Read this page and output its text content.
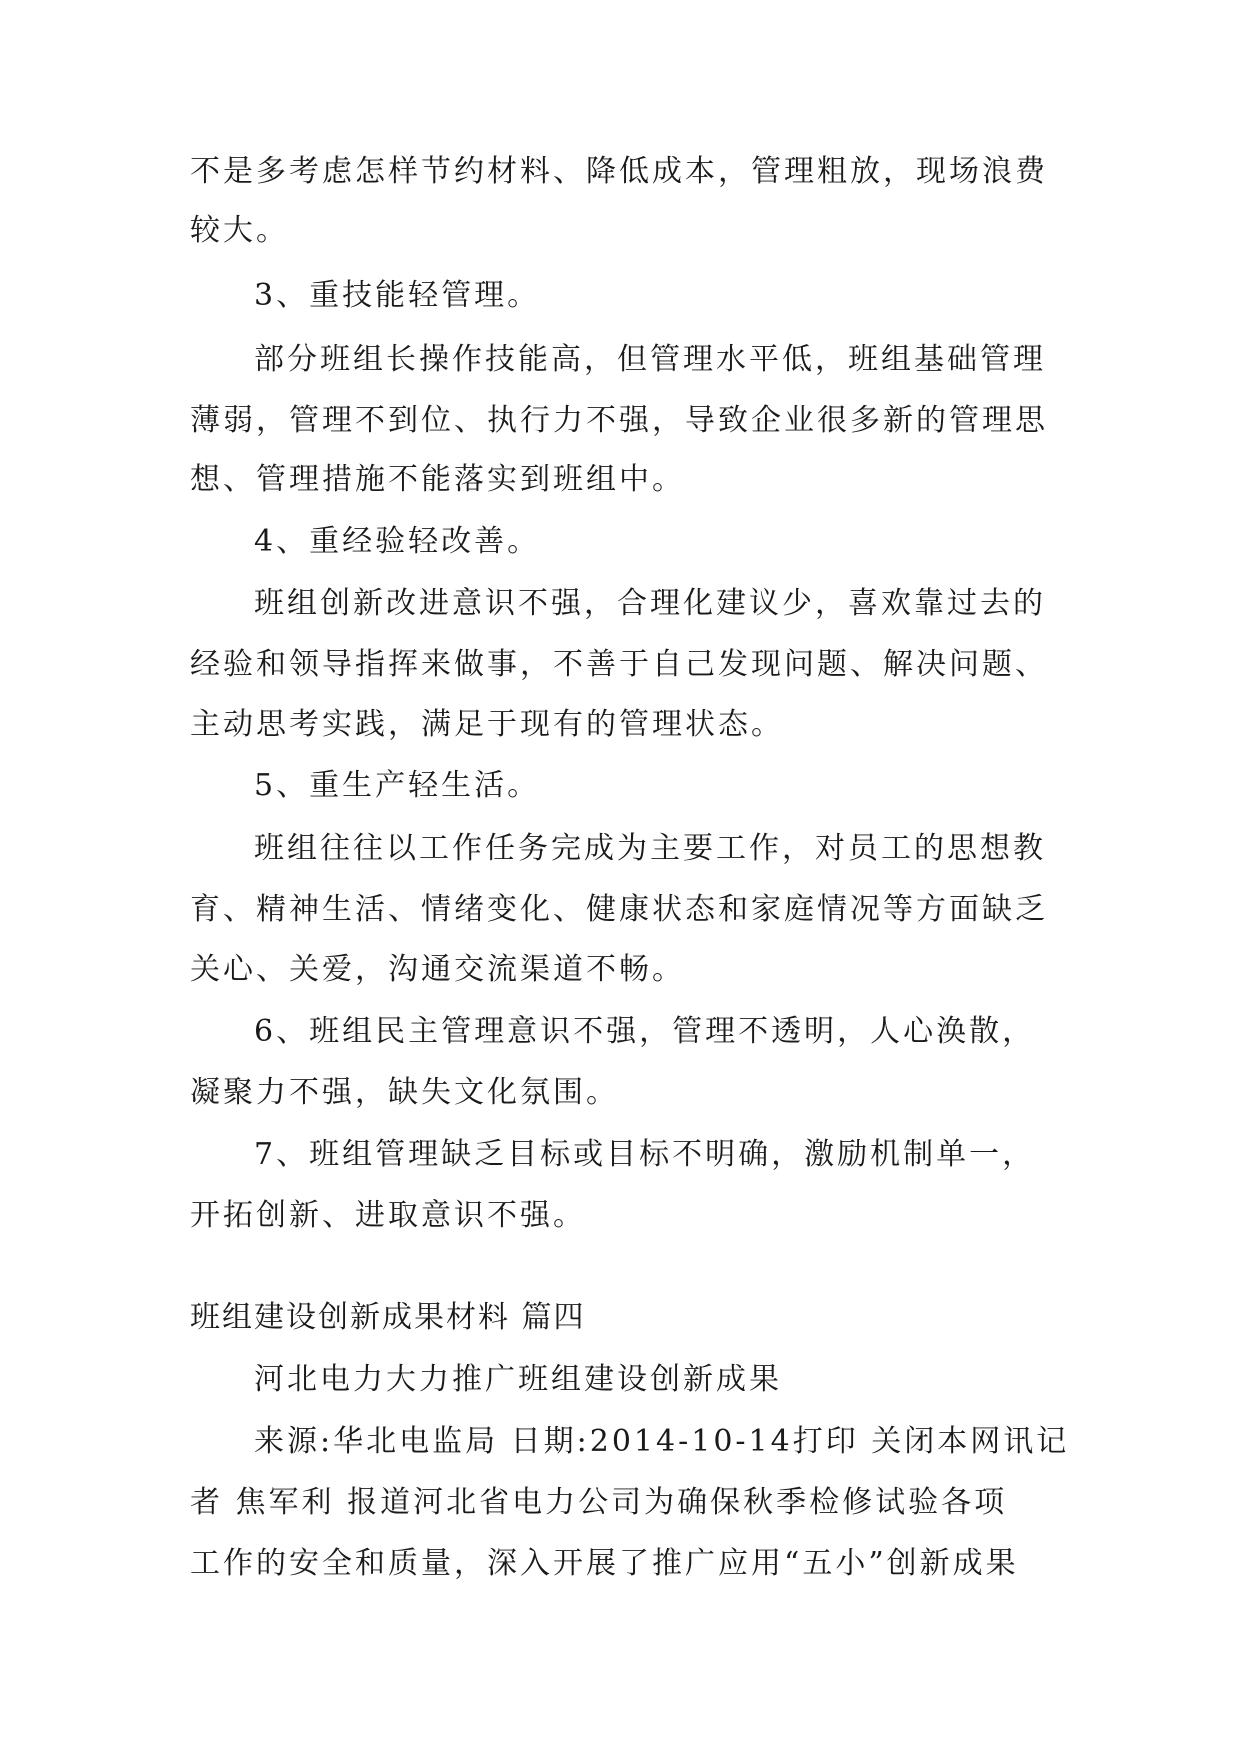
不是多考虑怎样节约材料、降低成本，管理粗放，现场浪费

较大。

3、重技能轻管理。

部分班组长操作技能高，但管理水平低，班组基础管理

薄弱，管理不到位、执行力不强，导致企业很多新的管理思

想、管理措施不能落实到班组中。

4、重经验轻改善。

班组创新改进意识不强，合理化建议少，喜欢靠过去的

经验和领导指挥来做事，不善于自己发现问题、解决问题、

主动思考实践，满足于现有的管理状态。

5、重生产轻生活。

班组往往以工作任务完成为主要工作，对员工的思想教

育、精神生活、情绪变化、健康状态和家庭情况等方面缺乏

关心、关爱，沟通交流渠道不畅。

6、班组民主管理意识不强，管理不透明，人心涣散，

凝聚力不强，缺失文化氛围。

7、班组管理缺乏目标或目标不明确，激励机制单一，

开拓创新、进取意识不强。

班组建设创新成果材料 篇四

河北电力大力推广班组建设创新成果

来源:华北电监局 日期:2014-10-14打印 关闭本网讯记

者 焦军利 报道河北省电力公司为确保秋季检修试验各项

工作的安全和质量，深入开展了推广应用“五小”创新成果
